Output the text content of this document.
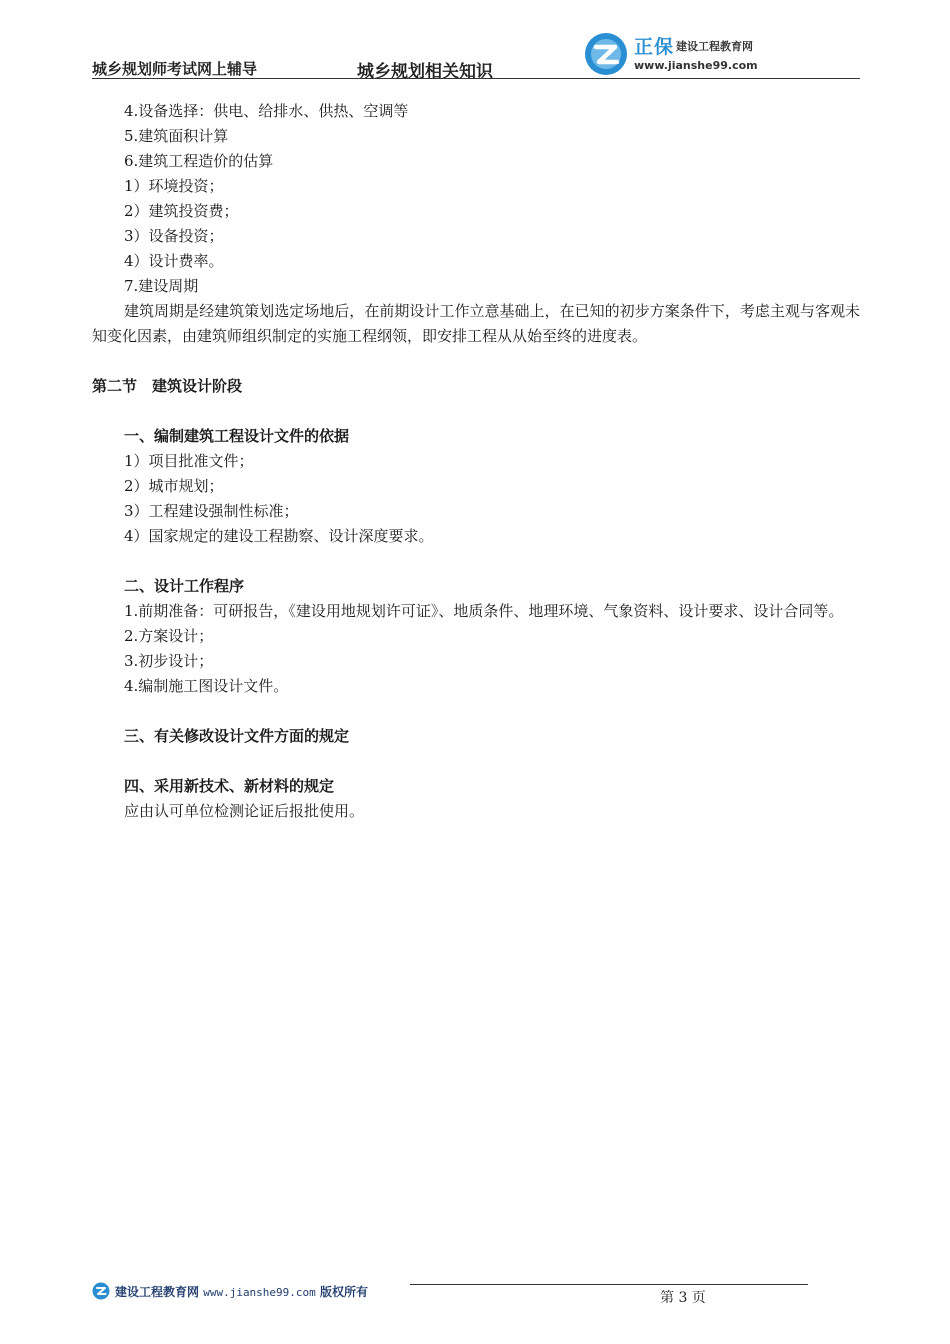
城乡规划师考试网上辅导	城乡规划相关知识
正保 建设工程教育网
www.jianshe99.com
4.设备选择：供电、给排水、供热、空调等
5.建筑面积计算
6.建筑工程造价的估算
1）环境投资；
2）建筑投资费；
3）设备投资；
4）设计费率。
7.建设周期
建筑周期是经建筑策划选定场地后，在前期设计工作立意基础上，在已知的初步方案条件下，考虑主观与客观未知变化因素，由建筑师组织制定的实施工程纲领，即安排工程从从始至终的进度表。
第二节　建筑设计阶段
一、编制建筑工程设计文件的依据
1）项目批准文件；
2）城市规划；
3）工程建设强制性标准；
4）国家规定的建设工程勘察、设计深度要求。
二、设计工作程序
1.前期准备：可研报告，《建设用地规划许可证》、地质条件、地理环境、气象资料、设计要求、设计合同等。
2.方案设计；
3.初步设计；
4.编制施工图设计文件。
三、有关修改设计文件方面的规定
四、采用新技术、新材料的规定
应由认可单位检测论证后报批使用。
建设工程教育网 www.jianshe99.com 版权所有	第 3 页
